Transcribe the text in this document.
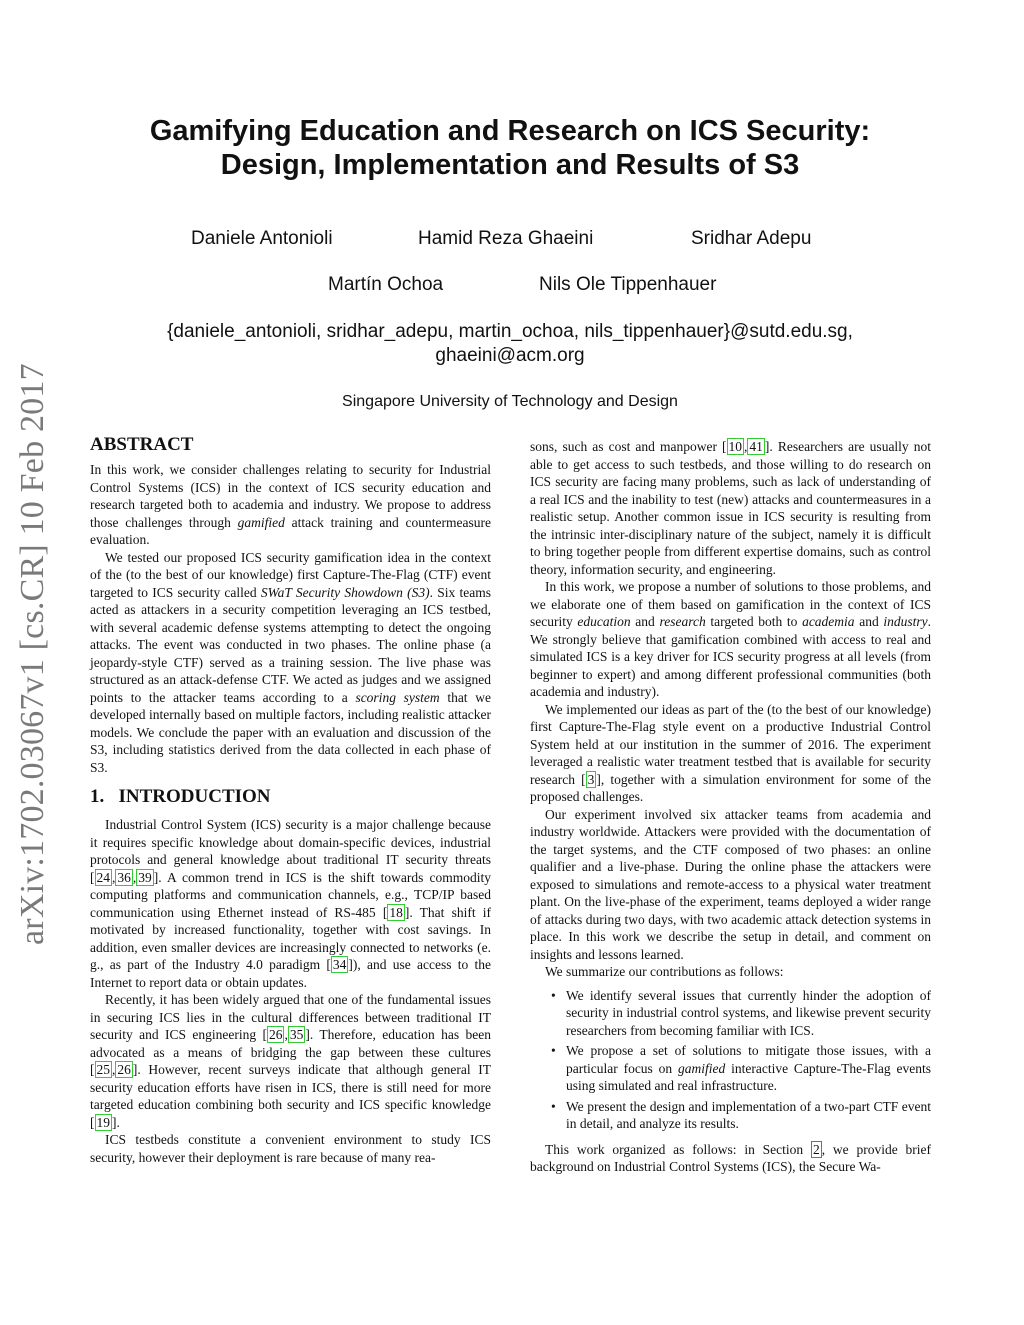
arXiv:1702.03067v1 [cs.CR] 10 Feb 2017
Gamifying Education and Research on ICS Security:
Design, Implementation and Results of S3
Daniele Antonioli	Hamid Reza Ghaeini	Sridhar Adepu
Martín Ochoa	Nils Ole Tippenhauer
{daniele_antonioli, sridhar_adepu, martin_ochoa, nils_tippenhauer}@sutd.edu.sg,
ghaeini@acm.org
Singapore University of Technology and Design
ABSTRACT

In this work, we consider challenges relating to security for Industrial Control Systems (ICS) in the context of ICS security education and research targeted both to academia and industry. We propose to address those challenges through gamified attack training and countermeasure evaluation.

We tested our proposed ICS security gamification idea in the context of the (to the best of our knowledge) first Capture-The-Flag (CTF) event targeted to ICS security called SWaT Security Showdown (S3). Six teams acted as attackers in a security competition leveraging an ICS testbed, with several academic defense systems attempting to detect the ongoing attacks. The event was conducted in two phases. The online phase (a jeopardy-style CTF) served as a training session. The live phase was structured as an attack-defense CTF. We acted as judges and we assigned points to the attacker teams according to a scoring system that we developed internally based on multiple factors, including realistic attacker models. We conclude the paper with an evaluation and discussion of the S3, including statistics derived from the data collected in each phase of S3.

1.   INTRODUCTION

Industrial Control System (ICS) security is a major challenge because it requires specific knowledge about domain-specific devices, industrial protocols and general knowledge about traditional IT security threats [ 24 , 36 , 39 ]. A common trend in ICS is the shift towards commodity computing platforms and communication channels, e.g., TCP/IP based communication using Ethernet instead of RS-485 [ 18 ]. That shift if motivated by increased functionality, together with cost savings. In addition, even smaller devices are increasingly connected to networks (e. g., as part of the Industry 4.0 paradigm [ 34 ]), and use access to the Internet to report data or obtain updates.

Recently, it has been widely argued that one of the fundamental issues in securing ICS lies in the cultural differences between traditional IT security and ICS engineering [ 26 , 35 ]. Therefore, education has been advocated as a means of bridging the gap between these cultures [ 25 , 26 ]. However, recent surveys indicate that although general IT security education efforts have risen in ICS, there is still need for more targeted education combining both security and ICS specific knowledge [ 19 ].

ICS testbeds constitute a convenient environment to study ICS security, however their deployment is rare because of many rea-

sons, such as cost and manpower [ 10 , 41 ]. Researchers are usually not able to get access to such testbeds, and those willing to do research on ICS security are facing many problems, such as lack of understanding of a real ICS and the inability to test (new) attacks and countermeasures in a realistic setup. Another common issue in ICS security is resulting from the intrinsic inter-disciplinary nature of the subject, namely it is difficult to bring together people from different expertise domains, such as control theory, information security, and engineering.

In this work, we propose a number of solutions to those problems, and we elaborate one of them based on gamification in the context of ICS security education and research targeted both to academia and industry. We strongly believe that gamification combined with access to real and simulated ICS is a key driver for ICS security progress at all levels (from beginner to expert) and among different professional communities (both academia and industry).

We implemented our ideas as part of the (to the best of our knowledge) first Capture-The-Flag style event on a productive Industrial Control System held at our institution in the summer of 2016. The experiment leveraged a realistic water treatment testbed that is available for security research [ 3 ], together with a simulation environment for some of the proposed challenges.

Our experiment involved six attacker teams from academia and industry worldwide. Attackers were provided with the documentation of the target systems, and the CTF composed of two phases: an online qualifier and a live-phase. During the online phase the attackers were exposed to simulations and remote-access to a physical water treatment plant. On the live-phase of the experiment, teams deployed a wider range of attacks during two days, with two academic attack detection systems in place. In this work we describe the setup in detail, and comment on insights and lessons learned.

We summarize our contributions as follows:

• We identify several issues that currently hinder the adoption of security in industrial control systems, and likewise prevent security researchers from becoming familiar with ICS.
• We propose a set of solutions to mitigate those issues, with a particular focus on gamified interactive Capture-The-Flag events using simulated and real infrastructure.
• We present the design and implementation of a two-part CTF event in detail, and analyze its results.

This work organized as follows: in Section 2 , we provide brief background on Industrial Control Systems (ICS), the Secure Wa-
